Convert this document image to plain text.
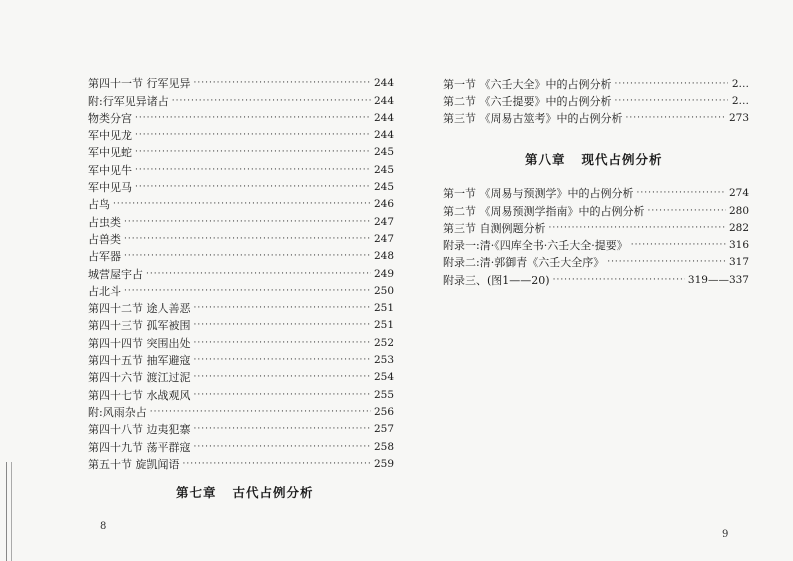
第四十一节 行军见异 ·····	244
附:行军见异诸占 ·····	244
物类分宫 ·····	244
军中见龙 ·····	244
军中见蛇 ·····	245
军中见牛 ·····	245
军中见马 ·····	245
占鸟 ·····	246
占虫类 ·····	247
占兽类 ·····	247
占军器 ·····	248
城营屋宇占 ·····	249
占北斗 ·····	250
第四十二节 途人善恶 ·····	251
第四十三节 孤军被围 ·····	251
第四十四节 突围出处 ·····	252
第四十五节 抽军避寇 ·····	253
第四十六节 渡江过泥 ·····	254
第四十七节 水战观风 ·····	255
附:风雨杂占 ·····	256
第四十八节 边夷犯寨 ·····	257
第四十九节 荡平群寇 ·····	258
第五十节 旋凯闻语 ·····	259
第七章 古代占例分析
8
第一节 《六壬大全》中的占例分析 ·····	2…
第二节 《六壬提要》中的占例分析 ·····	2…
第三节 《周易古筮考》中的占例分析 ·····	273
第八章 现代占例分析
第一节 《周易与预测学》中的占例分析 ·····	274
第二节 《周易预测学指南》中的占例分析 ·····	280
第三节 自测例题分析 ·····	282
附录一:清·《四库全书·六壬大全·提要》 ·····	316
附录二:清·郭御青《六壬大全序》 ·····	317
附录三、(图1——20) ·····	319——337
9
